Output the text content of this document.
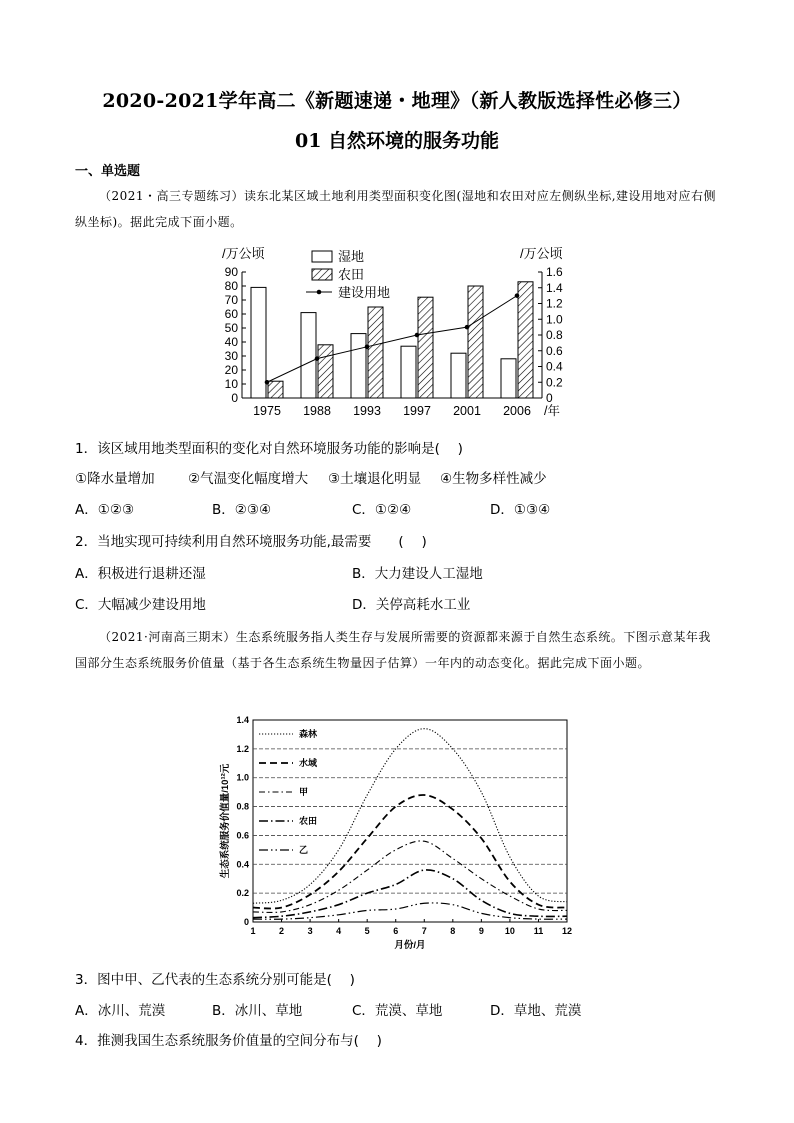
2020-2021学年高二《新题速递・地理》（新人教版选择性必修三）
01 自然环境的服务功能
一、单选题
（2021・高三专题练习）读东北某区域土地利用类型面积变化图(湿地和农田对应左侧纵坐标,建设用地对应右侧纵坐标)。据此完成下面小题。
0
10
20
30
40
50
60
70
80
90
0
0.2
0.4
0.6
0.8
1.0
1.2
1.4
1.6
/万公顷	/万公顷
1975 1988 1993 1997 2001 2006 /年
湿地
农田
建设用地
1．该区域用地类型面积的变化对自然环境服务功能的影响是(　 )
①降水量增加 ②气温变化幅度增大 ③土壤退化明显 ④生物多样性减少
A．①②③	B．②③④	C．①②④	D．①③④
2．当地实现可持续利用自然环境服务功能,最需要　　(　 )
A．积极进行退耕还湿	B．大力建设人工湿地
C．大幅减少建设用地	D．关停高耗水工业
（2021·河南高三期末）生态系统服务指人类生存与发展所需要的资源都来源于自然生态系统。下图示意某年我国部分生态系统服务价值量（基于各生态系统生物量因子估算）一年内的动态变化。据此完成下面小题。
0
0.2
0.4
0.6
0.8
1.0
1.2
1.4
1	2	3	4	5	6	7	8	9 10 11 12
月份/月
生态系统服务价值量/10¹²元
森林
水域
甲
农田
乙
3．图中甲、乙代表的生态系统分别可能是(　 )
A．冰川、荒漠	B．冰川、草地	C．荒漠、草地	D．草地、荒漠
4．推测我国生态系统服务价值量的空间分布与(　 )
